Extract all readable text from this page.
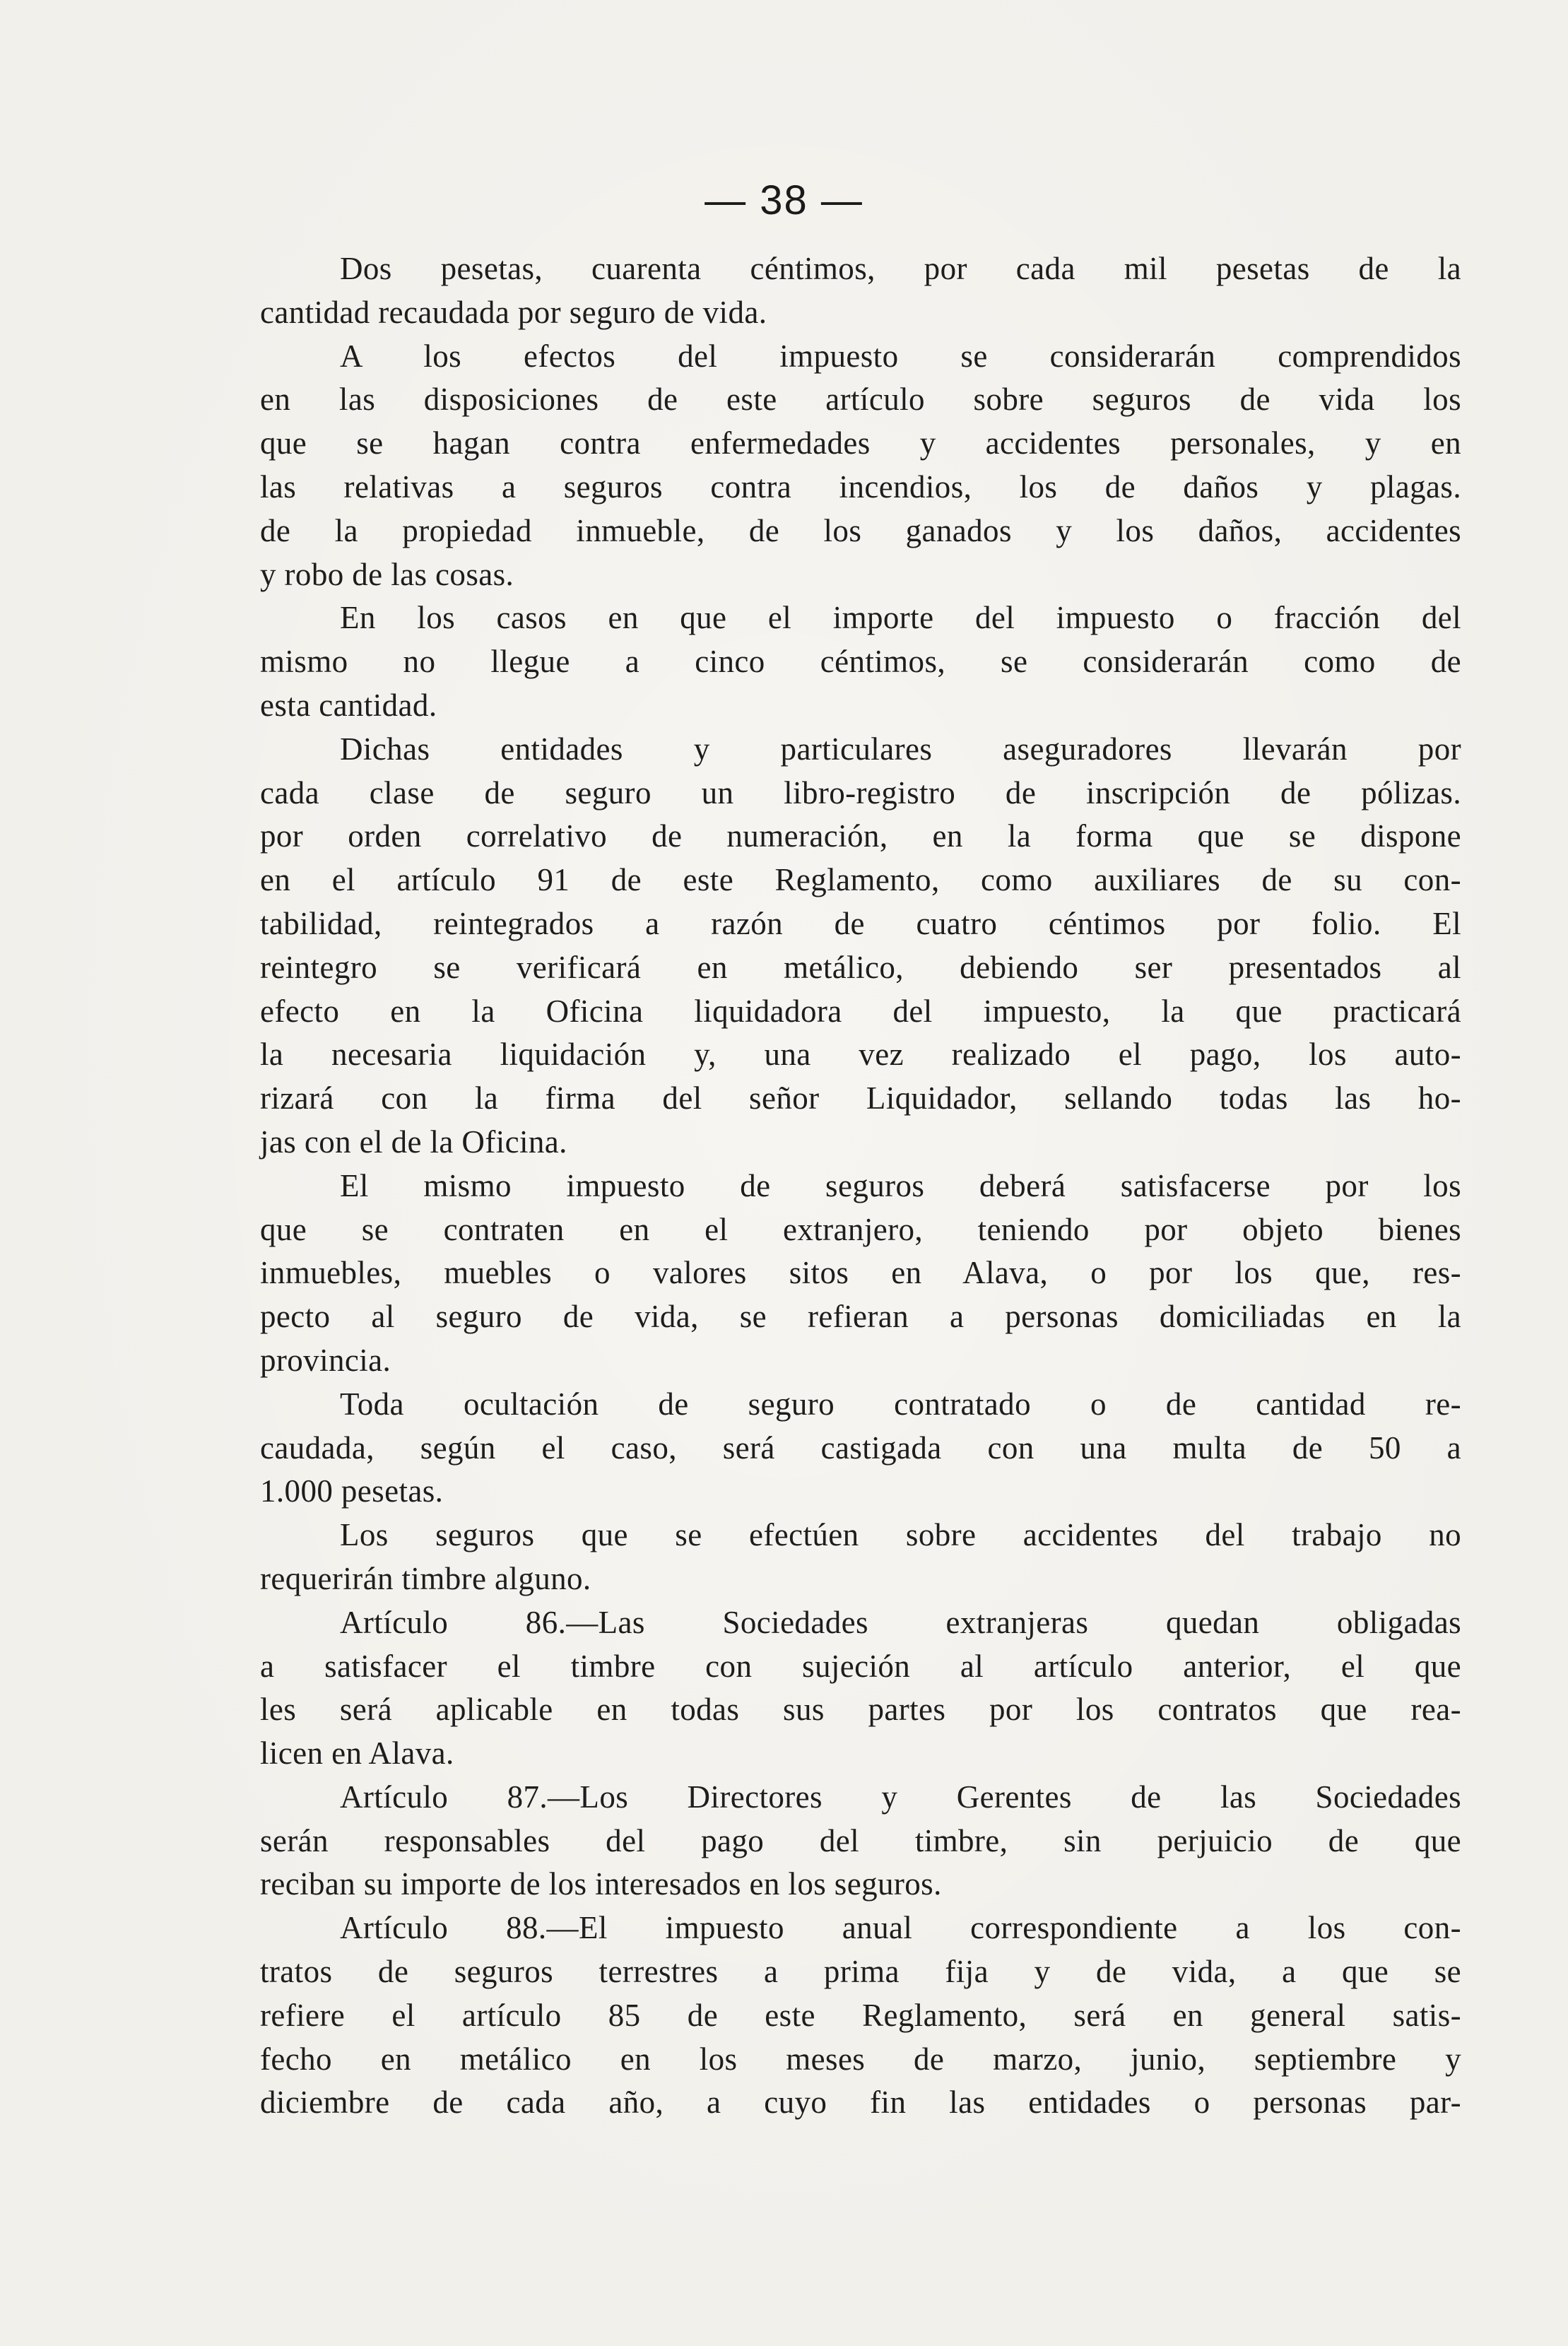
— 38 —
Dos pesetas, cuarenta céntimos, por cada mil pesetas de la
cantidad recaudada por seguro de vida.
A los efectos del impuesto se considerarán comprendidos
en las disposiciones de este artículo sobre seguros de vida los
que se hagan contra enfermedades y accidentes personales, y en
las relativas a seguros contra incendios, los de daños y plagas.
de la propiedad inmueble, de los ganados y los daños, accidentes
y robo de las cosas.
En los casos en que el importe del impuesto o fracción del
mismo no llegue a cinco céntimos, se considerarán como de
esta cantidad.
Dichas entidades y particulares aseguradores llevarán por
cada clase de seguro un libro-registro de inscripción de pólizas.
por orden correlativo de numeración, en la forma que se dispone
en el artículo 91 de este Reglamento, como auxiliares de su con-
tabilidad, reintegrados a razón de cuatro céntimos por folio. El
reintegro se verificará en metálico, debiendo ser presentados al
efecto en la Oficina liquidadora del impuesto, la que practicará
la necesaria liquidación y, una vez realizado el pago, los auto-
rizará con la firma del señor Liquidador, sellando todas las ho-
jas con el de la Oficina.
El mismo impuesto de seguros deberá satisfacerse por los
que se contraten en el extranjero, teniendo por objeto bienes
inmuebles, muebles o valores sitos en Alava, o por los que, res-
pecto al seguro de vida, se refieran a personas domiciliadas en la
provincia.
Toda ocultación de seguro contratado o de cantidad re-
caudada, según el caso, será castigada con una multa de 50 a
1.000 pesetas.
Los seguros que se efectúen sobre accidentes del trabajo no
requerirán timbre alguno.
Artículo 86.—Las Sociedades extranjeras quedan obligadas
a satisfacer el timbre con sujeción al artículo anterior, el que
les será aplicable en todas sus partes por los contratos que rea-
licen en Alava.
Artículo 87.—Los Directores y Gerentes de las Sociedades
serán responsables del pago del timbre, sin perjuicio de que
reciban su importe de los interesados en los seguros.
Artículo 88.—El impuesto anual correspondiente a los con-
tratos de seguros terrestres a prima fija y de vida, a que se
refiere el artículo 85 de este Reglamento, será en general satis-
fecho en metálico en los meses de marzo, junio, septiembre y
diciembre de cada año, a cuyo fin las entidades o personas par-
